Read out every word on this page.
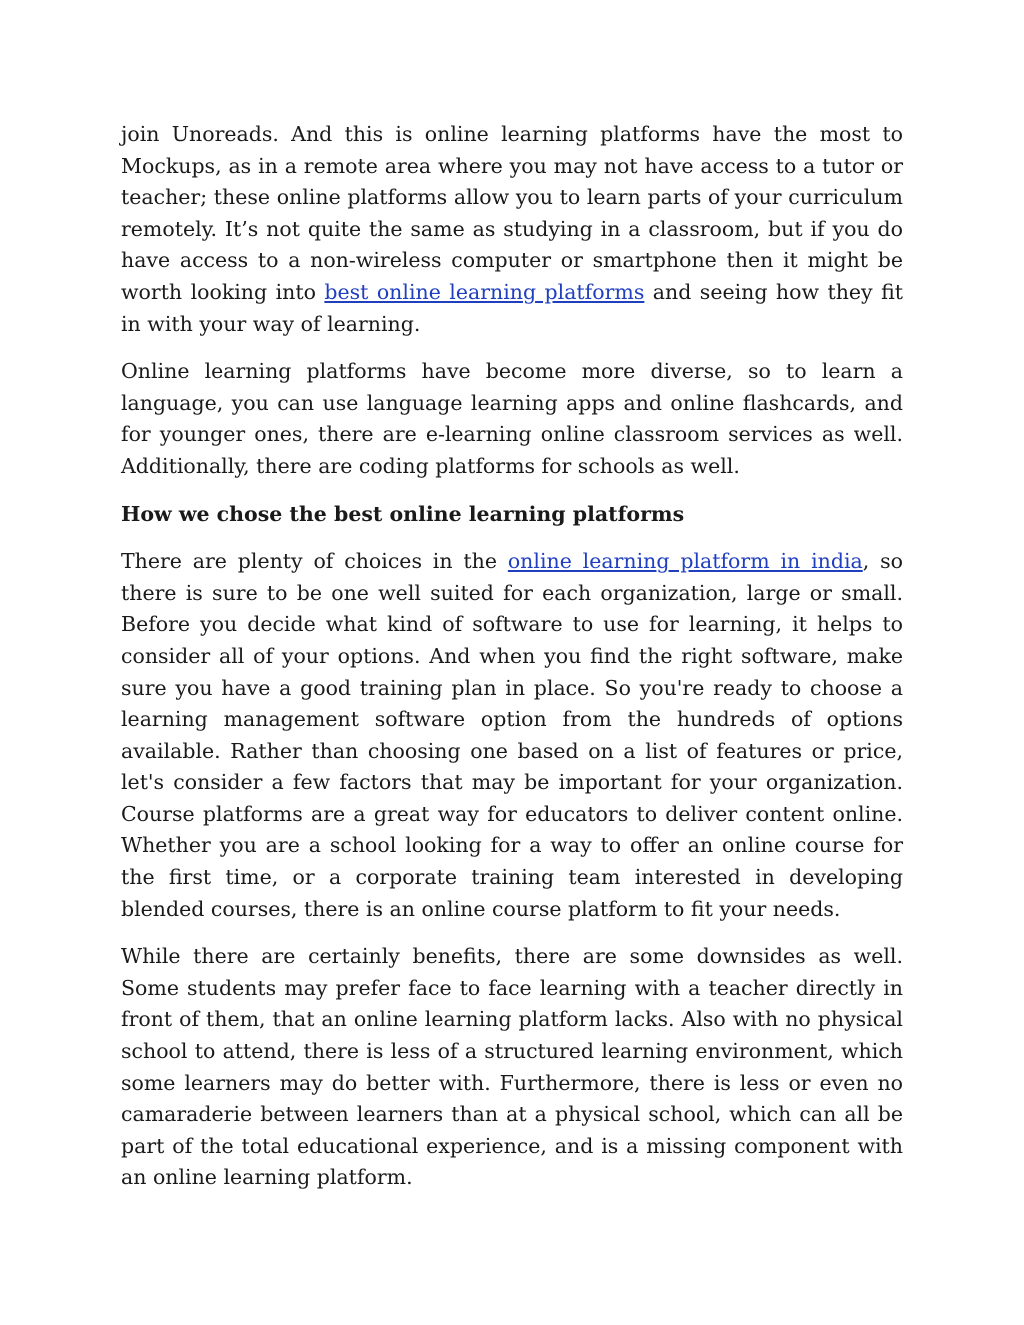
join Unoreads. And this is online learning platforms have the most to Mockups, as in a remote area where you may not have access to a tutor or teacher; these online platforms allow you to learn parts of your curriculum remotely. It’s not quite the same as studying in a classroom, but if you do have access to a non-wireless computer or smartphone then it might be worth looking into best online learning platforms and seeing how they fit in with your way of learning.

Online learning platforms have become more diverse, so to learn a language, you can use language learning apps and online flashcards, and for younger ones, there are e-learning online classroom services as well. Additionally, there are coding platforms for schools as well.

How we chose the best online learning platforms

There are plenty of choices in the online learning platform in india, so there is sure to be one well suited for each organization, large or small. Before you decide what kind of software to use for learning, it helps to consider all of your options. And when you find the right software, make sure you have a good training plan in place. So you're ready to choose a learning management software option from the hundreds of options available. Rather than choosing one based on a list of features or price, let's consider a few factors that may be important for your organization. Course platforms are a great way for educators to deliver content online. Whether you are a school looking for a way to offer an online course for the first time, or a corporate training team interested in developing blended courses, there is an online course platform to fit your needs.

While there are certainly benefits, there are some downsides as well. Some students may prefer face to face learning with a teacher directly in front of them, that an online learning platform lacks. Also with no physical school to attend, there is less of a structured learning environment, which some learners may do better with. Furthermore, there is less or even no camaraderie between learners than at a physical school, which can all be part of the total educational experience, and is a missing component with an online learning platform.
